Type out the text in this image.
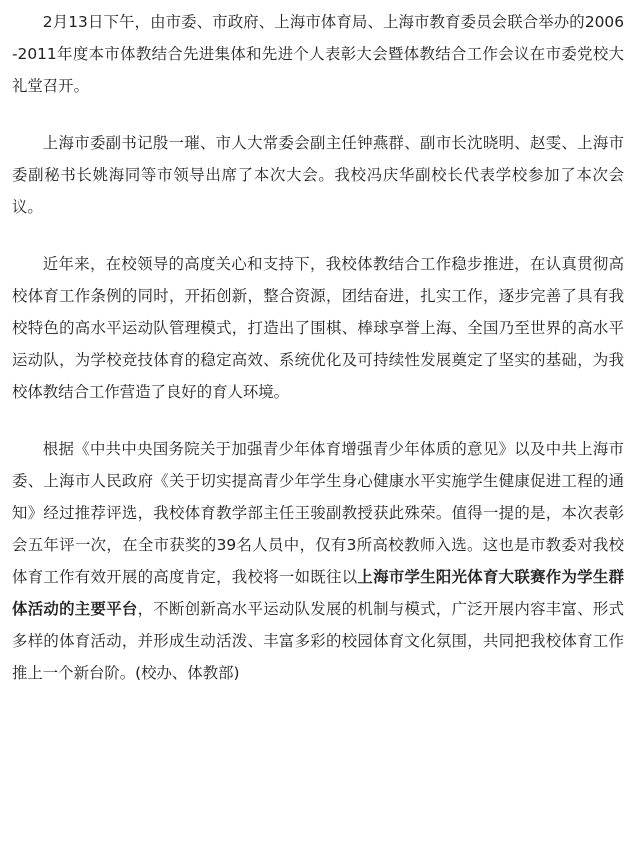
2月13日下午，由市委、市政府、上海市体育局、上海市教育委员会联合举办的2006-2011年度本市体教结合先进集体和先进个人表彰大会暨体教结合工作会议在市委党校大礼堂召开。

上海市委副书记殷一璀、市人大常委会副主任钟燕群、副市长沈晓明、赵雯、上海市委副秘书长姚海同等市领导出席了本次大会。我校冯庆华副校长代表学校参加了本次会议。

近年来，在校领导的高度关心和支持下，我校体教结合工作稳步推进，在认真贯彻高校体育工作条例的同时，开拓创新，整合资源，团结奋进，扎实工作，逐步完善了具有我校特色的高水平运动队管理模式，打造出了围棋、棒球享誉上海、全国乃至世界的高水平运动队，为学校竞技体育的稳定高效、系统优化及可持续性发展奠定了坚实的基础，为我校体教结合工作营造了良好的育人环境。

根据《中共中央国务院关于加强青少年体育增强青少年体质的意见》以及中共上海市委、上海市人民政府《关于切实提高青少年学生身心健康水平实施学生健康促进工程的通知》经过推荐评选，我校体育教学部主任王骏副教授获此殊荣。值得一提的是，本次表彰会五年评一次，在全市获奖的39名人员中，仅有3所高校教师入选。这也是市教委对我校体育工作有效开展的高度肯定，我校将一如既往以上海市学生阳光体育大联赛作为学生群体活动的主要平台，不断创新高水平运动队发展的机制与模式，广泛开展内容丰富、形式多样的体育活动，并形成生动活泼、丰富多彩的校园体育文化氛围，共同把我校体育工作推上一个新台阶。(校办、体教部)
